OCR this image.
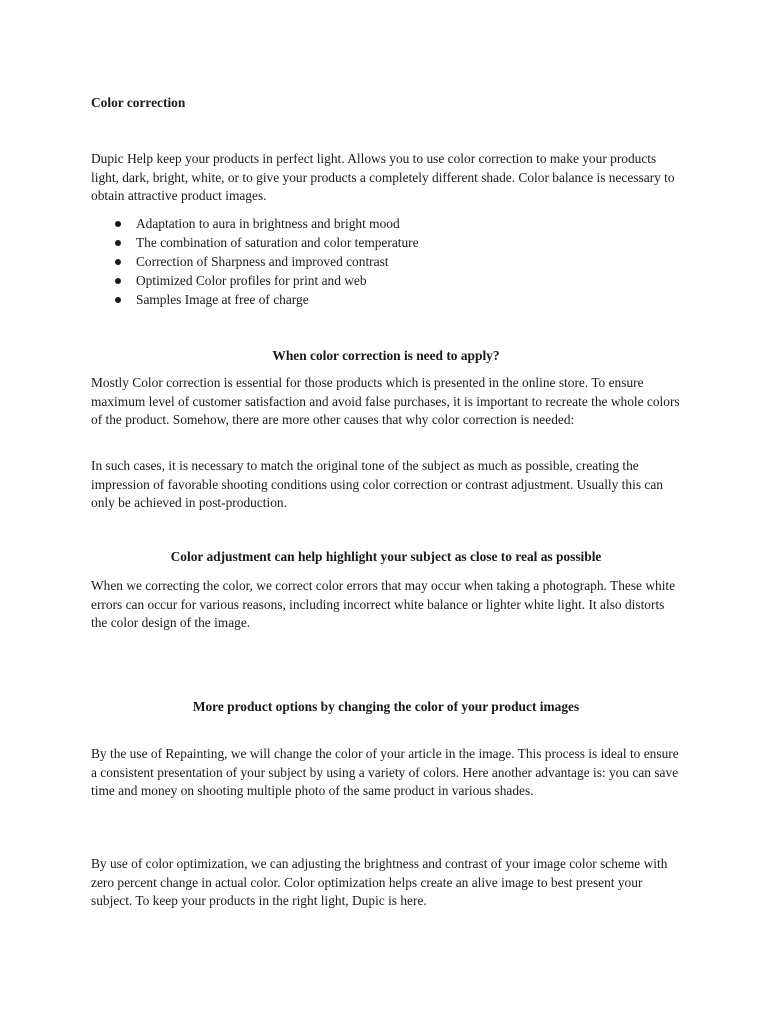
Color correction

Dupic Help keep your products in perfect light. Allows you to use color correction to make your products light, dark, bright, white, or to give your products a completely different shade. Color balance is necessary to obtain attractive product images.

Adaptation to aura in brightness and bright mood
The combination of saturation and color temperature
Correction of Sharpness and improved contrast
Optimized Color profiles for print and web
Samples Image at free of charge

When color correction is need to apply?

Mostly Color correction is essential for those products which is presented in the online store. To ensure maximum level of customer satisfaction and avoid false purchases, it is important to recreate the whole colors of the product. Somehow, there are more other causes that why color correction is needed:

In such cases, it is necessary to match the original tone of the subject as much as possible, creating the impression of favorable shooting conditions using color correction or contrast adjustment. Usually this can only be achieved in post-production.

Color adjustment can help highlight your subject as close to real as possible

When we correcting the color, we correct color errors that may occur when taking a photograph. These white errors can occur for various reasons, including incorrect white balance or lighter white light. It also distorts the color design of the image.

More product options by changing the color of your product images

By the use of Repainting, we will change the color of your article in the image. This process is ideal to ensure a consistent presentation of your subject by using a variety of colors. Here another advantage is: you can save time and money on shooting multiple photo of the same product in various shades.

By use of color optimization, we can adjusting the brightness and contrast of your image color scheme with zero percent change in actual color. Color optimization helps create an alive image to best present your subject. To keep your products in the right light, Dupic is here.
